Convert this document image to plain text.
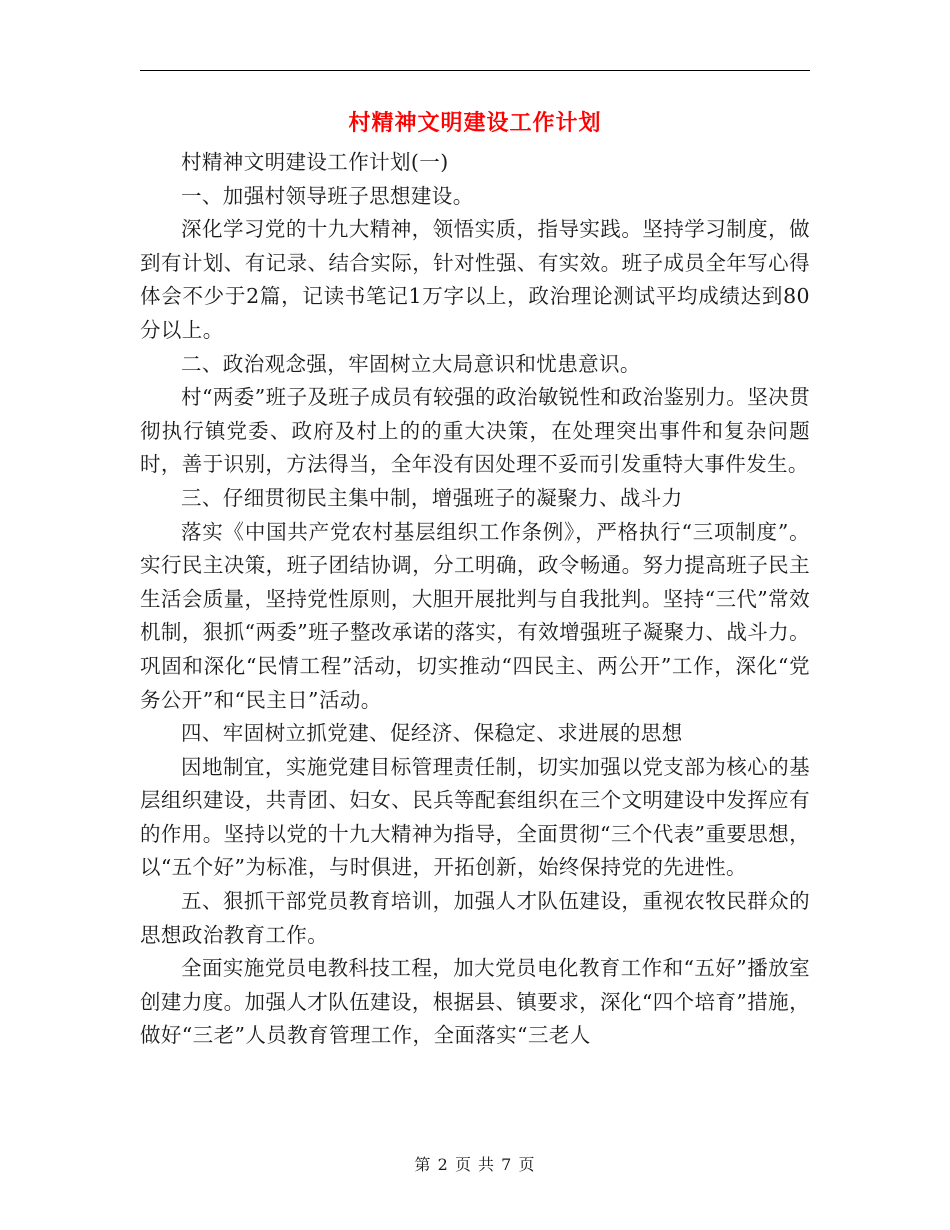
村精神文明建设工作计划

村精神文明建设工作计划(一)

一、加强村领导班子思想建设。

深化学习党的十九大精神，领悟实质，指导实践。坚持学习制度，做到有计划、有记录、结合实际，针对性强、有实效。班子成员全年写心得体会不少于2篇，记读书笔记1万字以上，政治理论测试平均成绩达到80分以上。

二、政治观念强，牢固树立大局意识和忧患意识。

村“两委”班子及班子成员有较强的政治敏锐性和政治鉴别力。坚决贯彻执行镇党委、政府及村上的的重大决策，在处理突出事件和复杂问题时，善于识别，方法得当，全年没有因处理不妥而引发重特大事件发生。

三、仔细贯彻民主集中制，增强班子的凝聚力、战斗力

落实《中国共产党农村基层组织工作条例》，严格执行“三项制度”。实行民主决策，班子团结协调，分工明确，政令畅通。努力提高班子民主生活会质量，坚持党性原则，大胆开展批判与自我批判。坚持“三代”常效机制，狠抓“两委”班子整改承诺的落实，有效增强班子凝聚力、战斗力。巩固和深化“民情工程”活动，切实推动“四民主、两公开”工作，深化“党务公开”和“民主日”活动。

四、牢固树立抓党建、促经济、保稳定、求进展的思想

因地制宜，实施党建目标管理责任制，切实加强以党支部为核心的基层组织建设，共青团、妇女、民兵等配套组织在三个文明建设中发挥应有的作用。坚持以党的十九大精神为指导，全面贯彻“三个代表”重要思想，以“五个好”为标准，与时俱进，开拓创新，始终保持党的先进性。

五、狠抓干部党员教育培训，加强人才队伍建设，重视农牧民群众的思想政治教育工作。

全面实施党员电教科技工程，加大党员电化教育工作和“五好”播放室创建力度。加强人才队伍建设，根据县、镇要求，深化“四个培育”措施，做好“三老”人员教育管理工作，全面落实“三老人

第 2 页 共 7 页
